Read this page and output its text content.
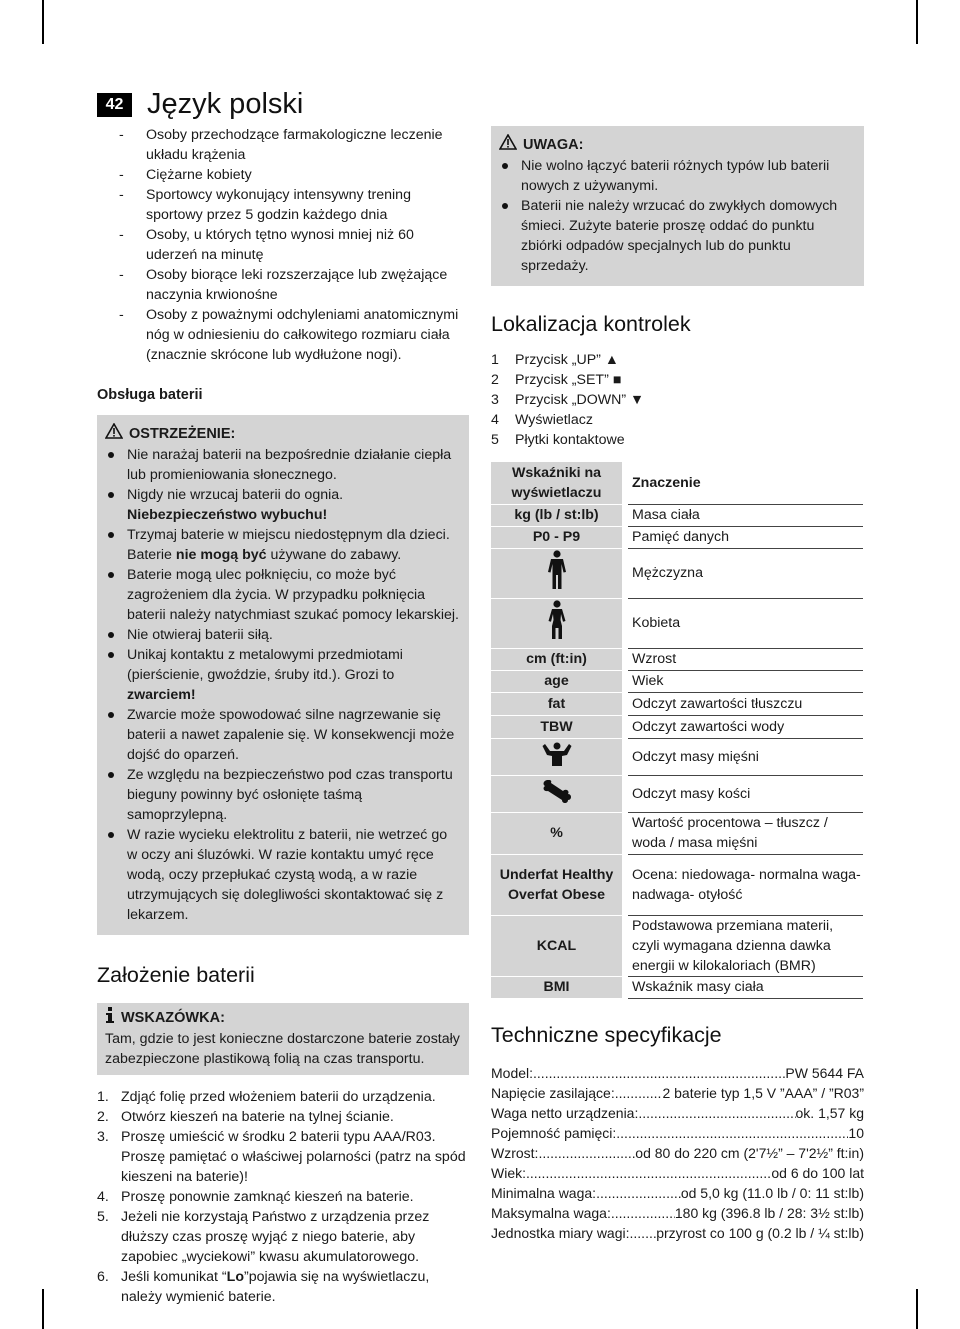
42 Język polski
- Osoby przechodzące farmakologiczne leczenie układu krążenia
- Ciężarne kobiety
- Sportowcy wykonujący intensywny trening sportowy przez 5 godzin każdego dnia
- Osoby, u których tętno wynosi mniej niż 60 uderzeń na minutę
- Osoby biorące leki rozszerzające lub zwężające naczynia krwionośne
- Osoby z poważnymi odchyleniami anatomicznymi nóg w odniesieniu do całkowitego rozmiaru ciała (znacznie skrócone lub wydłużone nogi).
Obsługa baterii
OSTRZEŻENIE:
Nie narażaj baterii na bezpośrednie działanie ciepła lub promieniowania słonecznego.
Nigdy nie wrzucaj baterii do ognia. Niebezpieczeństwo wybuchu!
Trzymaj baterie w miejscu niedostępnym dla dzieci. Baterie nie mogą być używane do zabawy.
Baterie mogą ulec połknięciu, co może być zagrożeniem dla życia. W przypadku połknięcia baterii należy natychmiast szukać pomocy lekarskiej.
Nie otwieraj baterii siłą.
Unikaj kontaktu z metalowymi przedmiotami (pierścienie, gwoździe, śruby itd.). Grozi to zwarciem!
Zwarcie może spowodować silne nagrzewanie się baterii a nawet zapalenie się. W konsekwencji może dojść do oparzeń.
Ze względu na bezpieczeństwo pod czas transportu bieguny powinny być osłonięte taśmą samoprzylepną.
W razie wycieku elektrolitu z baterii, nie wetrzeć go w oczy ani śluzówki. W razie kontaktu umyć ręce wodą, oczy przepłukać czystą wodą, a w razie utrzymujących się dolegliwości skontaktować się z lekarzem.
Założenie baterii
WSKAZÓWKA:
Tam, gdzie to jest konieczne dostarczone baterie zostały zabezpieczone plastikową folią na czas transportu.
1. Zdjąć folię przed włożeniem baterii do urządzenia.
2. Otwórz kieszeń na baterie na tylnej ścianie.
3. Proszę umieścić w środku 2 baterii typu AAA/R03. Proszę pamiętać o właściwej polarności (patrz na spód kieszeni na baterie)!
4. Proszę ponownie zamknąć kieszeń na baterie.
5. Jeżeli nie korzystają Państwo z urządzenia przez dłuższy czas proszę wyjąć z niego baterie, aby zapobiec „wyciekowi” kwasu akumulatorowego.
6. Jeśli komunikat “Lo”pojawia się na wyświetlaczu, należy wymienić baterie.
UWAGA:
Nie wolno łączyć baterii różnych typów lub baterii nowych z używanymi.
Baterii nie należy wrzucać do zwykłych domowych śmieci. Zużyte baterie proszę oddać do punktu zbiórki odpadów specjalnych lub do punktu sprzedaży.
Lokalizacja kontrolek
1 Przycisk „UP” ▲
2 Przycisk „SET” ■
3 Przycisk „DOWN” ▼
4 Wyświetlacz
5 Płytki kontaktowe
Wskaźniki na wyświetlaczu	Znaczenie
kg (lb / st:lb)	Masa ciała
P0 - P9	Pamięć danych
	Mężczyzna
	Kobieta
cm (ft:in)	Wzrost
age	Wiek
fat	Odczyt zawartości tłuszczu
TBW	Odczyt zawartości wody
	Odczyt masy mięśni
	Odczyt masy kości
%	Wartość procentowa – tłuszcz / woda / masa mięśni
Underfat Healthy Overfat Obese	Ocena: niedowaga- normalna waga- nadwaga- otyłość
KCAL	Podstawowa przemiana materii, czyli wymagana dzienna dawka energii w kilokaloriach (BMR)
BMI	Wskaźnik masy ciała
Techniczne specyfikacje
Model: .....	PW 5644 FA
Napięcie zasilające: .....	2 baterie typ 1,5 V ”AAA” / ”R03”
Waga netto urządzenia: .....	ok. 1,57 kg
Pojemność pamięci: .....	10
Wzrost: .....	od 80 do 220 cm (2'7½” – 7'2½” ft:in)
Wiek: .....	od 6 do 100 lat
Minimalna waga: .....	od 5,0 kg (11.0 lb / 0: 11 st:lb)
Maksymalna waga: .....	180 kg (396.8 lb / 28: 3½ st:lb)
Jednostka miary wagi: ..... przyrost co 100 g (0.2 lb / ¼ st:lb)
